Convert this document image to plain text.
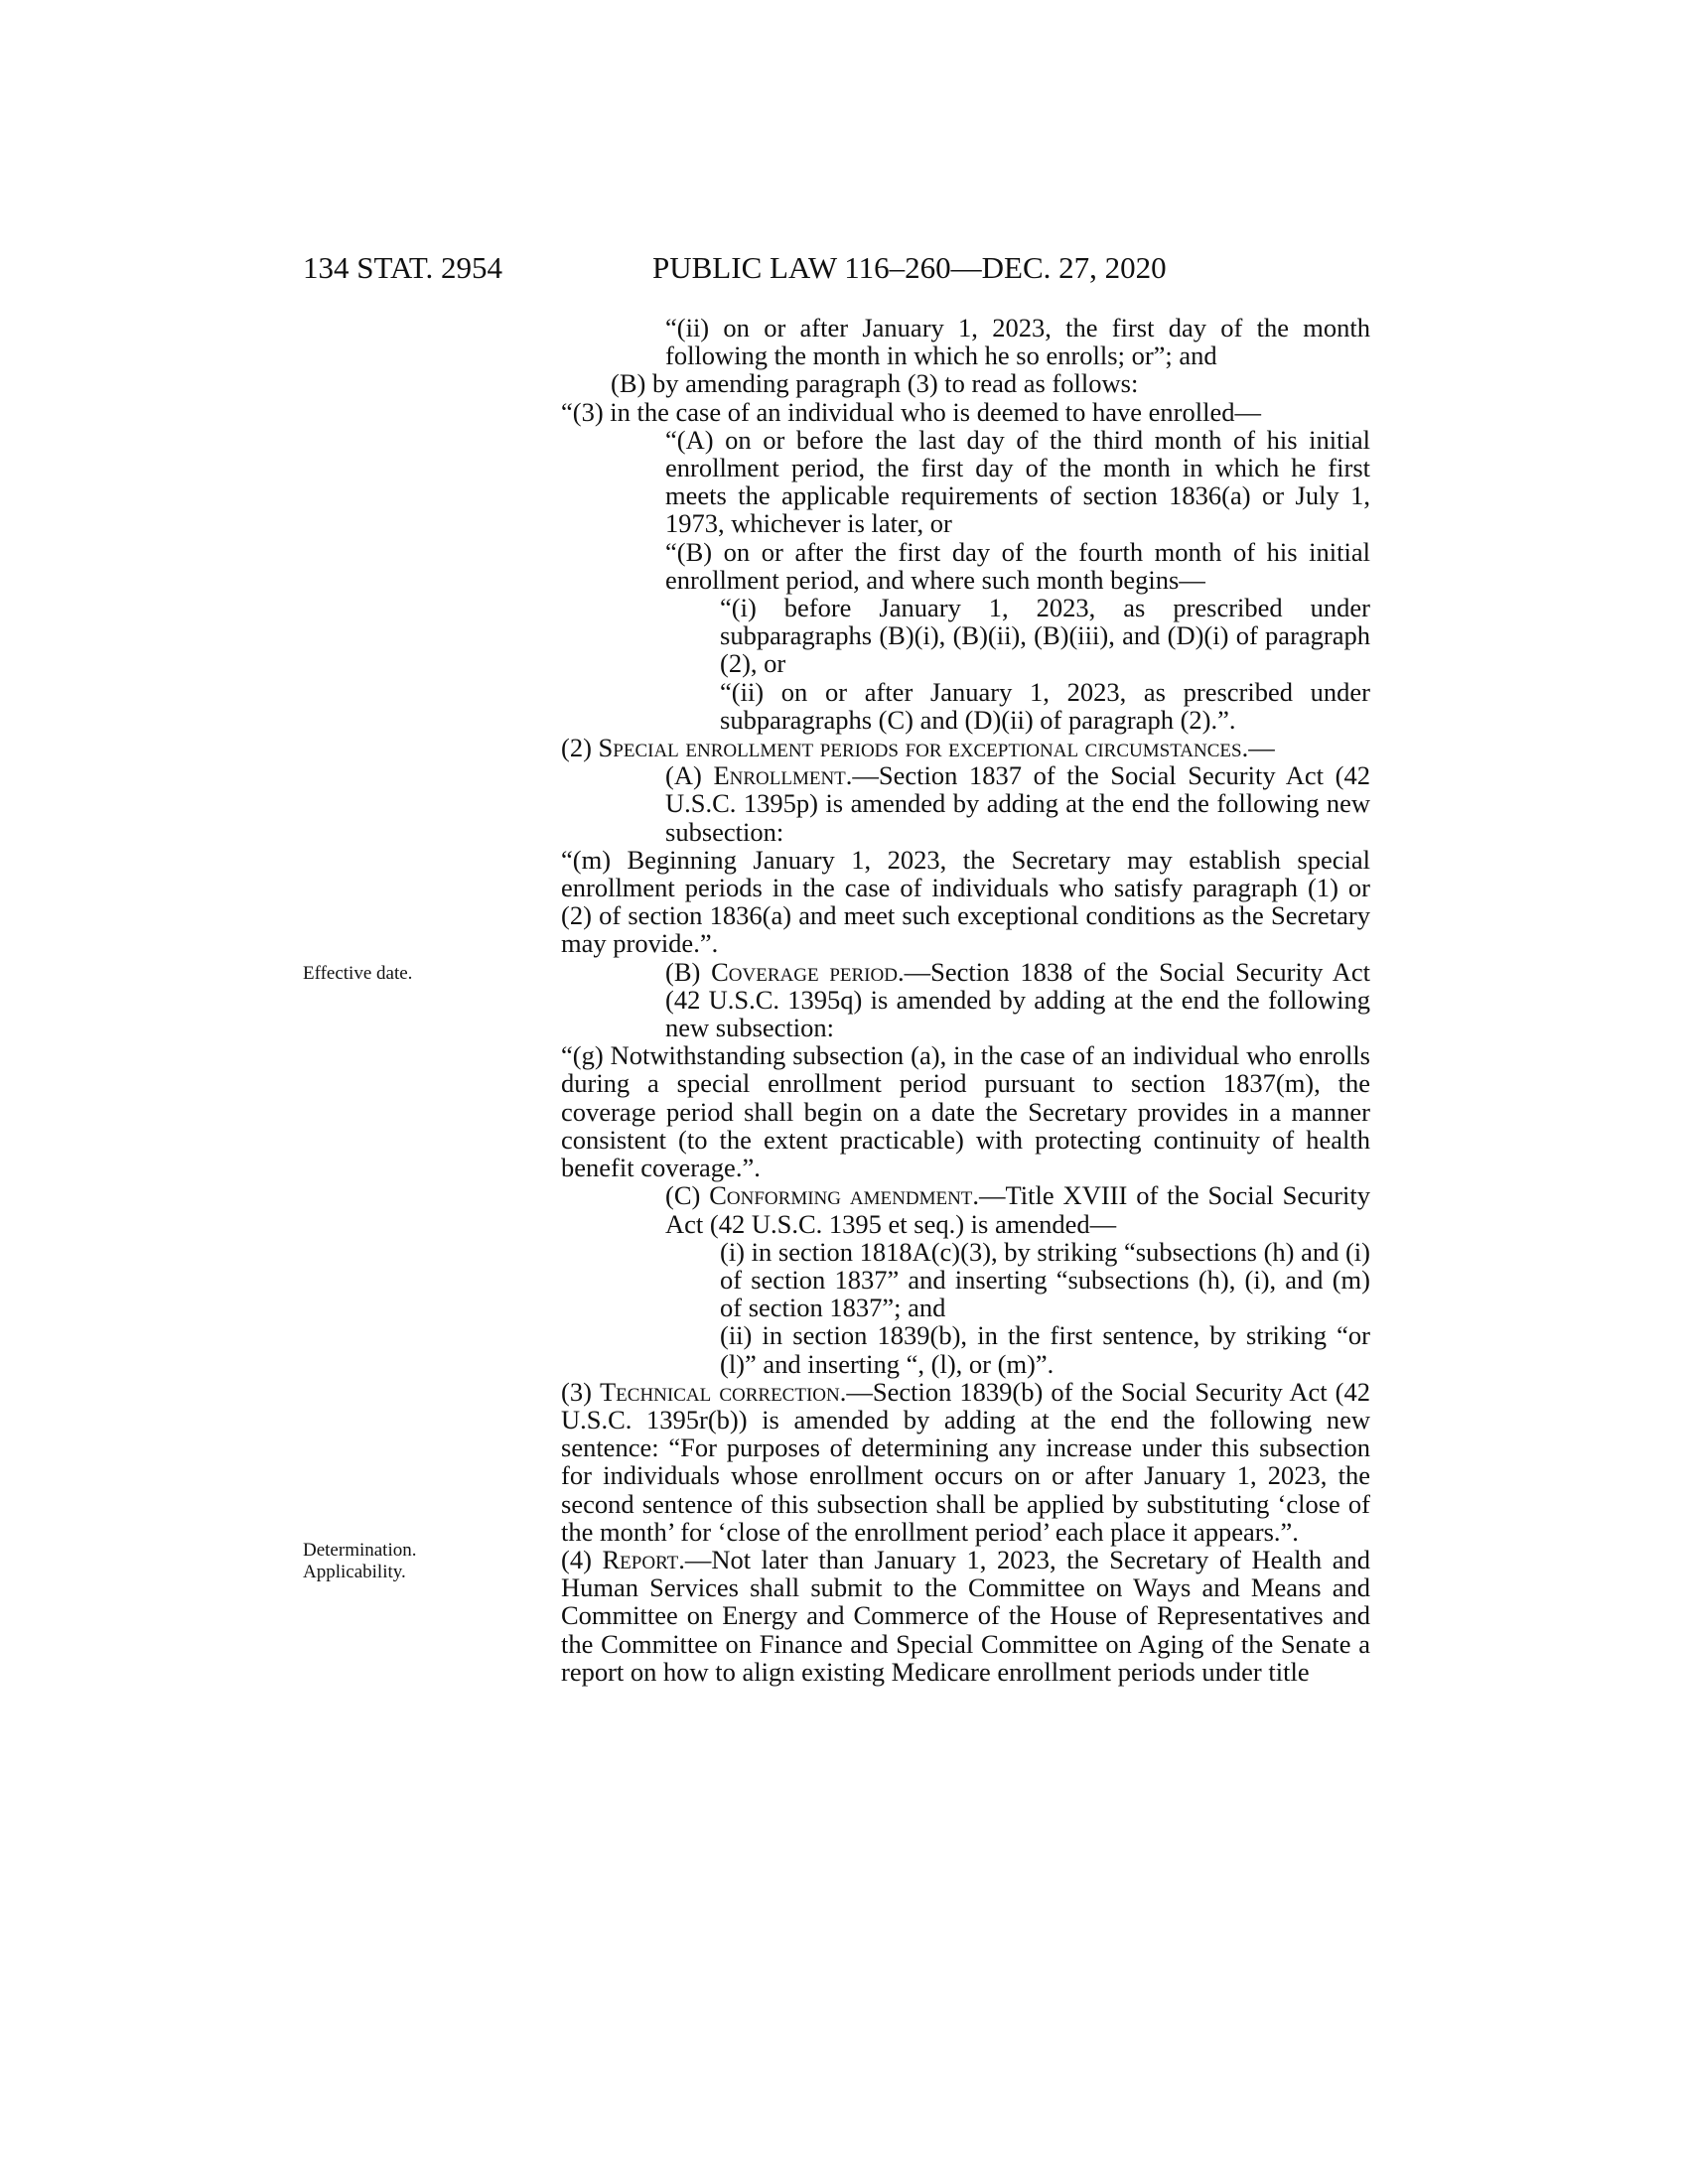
134 STAT. 2954	PUBLIC LAW 116–260—DEC. 27, 2020
Effective date.
Determination.
Applicability.

“(ii) on or after January 1, 2023, the first day of the month following the month in which he so enrolls; or”; and

(B) by amending paragraph (3) to read as follows:

“(3) in the case of an individual who is deemed to have enrolled—

“(A) on or before the last day of the third month of his initial enrollment period, the first day of the month in which he first meets the applicable requirements of section 1836(a) or July 1, 1973, whichever is later, or

“(B) on or after the first day of the fourth month of his initial enrollment period, and where such month begins—

“(i) before January 1, 2023, as prescribed under subparagraphs (B)(i), (B)(ii), (B)(iii), and (D)(i) of paragraph (2), or

“(ii) on or after January 1, 2023, as prescribed under subparagraphs (C) and (D)(ii) of paragraph (2).”.

(2) Special enrollment periods for exceptional circumstances.—

(A) Enrollment.—Section 1837 of the Social Security Act (42 U.S.C. 1395p) is amended by adding at the end the following new subsection:

“(m) Beginning January 1, 2023, the Secretary may establish special enrollment periods in the case of individuals who satisfy paragraph (1) or (2) of section 1836(a) and meet such exceptional conditions as the Secretary may provide.”.

(B) Coverage period.—Section 1838 of the Social Security Act (42 U.S.C. 1395q) is amended by adding at the end the following new subsection:

“(g) Notwithstanding subsection (a), in the case of an individual who enrolls during a special enrollment period pursuant to section 1837(m), the coverage period shall begin on a date the Secretary provides in a manner consistent (to the extent practicable) with protecting continuity of health benefit coverage.”.

(C) Conforming amendment.—Title XVIII of the Social Security Act (42 U.S.C. 1395 et seq.) is amended—

(i) in section 1818A(c)(3), by striking “subsections (h) and (i) of section 1837” and inserting “subsections (h), (i), and (m) of section 1837”; and

(ii) in section 1839(b), in the first sentence, by striking “or (l)” and inserting “, (l), or (m)”.

(3) Technical correction.—Section 1839(b) of the Social Security Act (42 U.S.C. 1395r(b)) is amended by adding at the end the following new sentence: “For purposes of determining any increase under this subsection for individuals whose enrollment occurs on or after January 1, 2023, the second sentence of this subsection shall be applied by substituting ‘close of the month’ for ‘close of the enrollment period’ each place it appears.”.

(4) Report.—Not later than January 1, 2023, the Secretary of Health and Human Services shall submit to the Committee on Ways and Means and Committee on Energy and Commerce of the House of Representatives and the Committee on Finance and Special Committee on Aging of the Senate a report on how to align existing Medicare enrollment periods under title
